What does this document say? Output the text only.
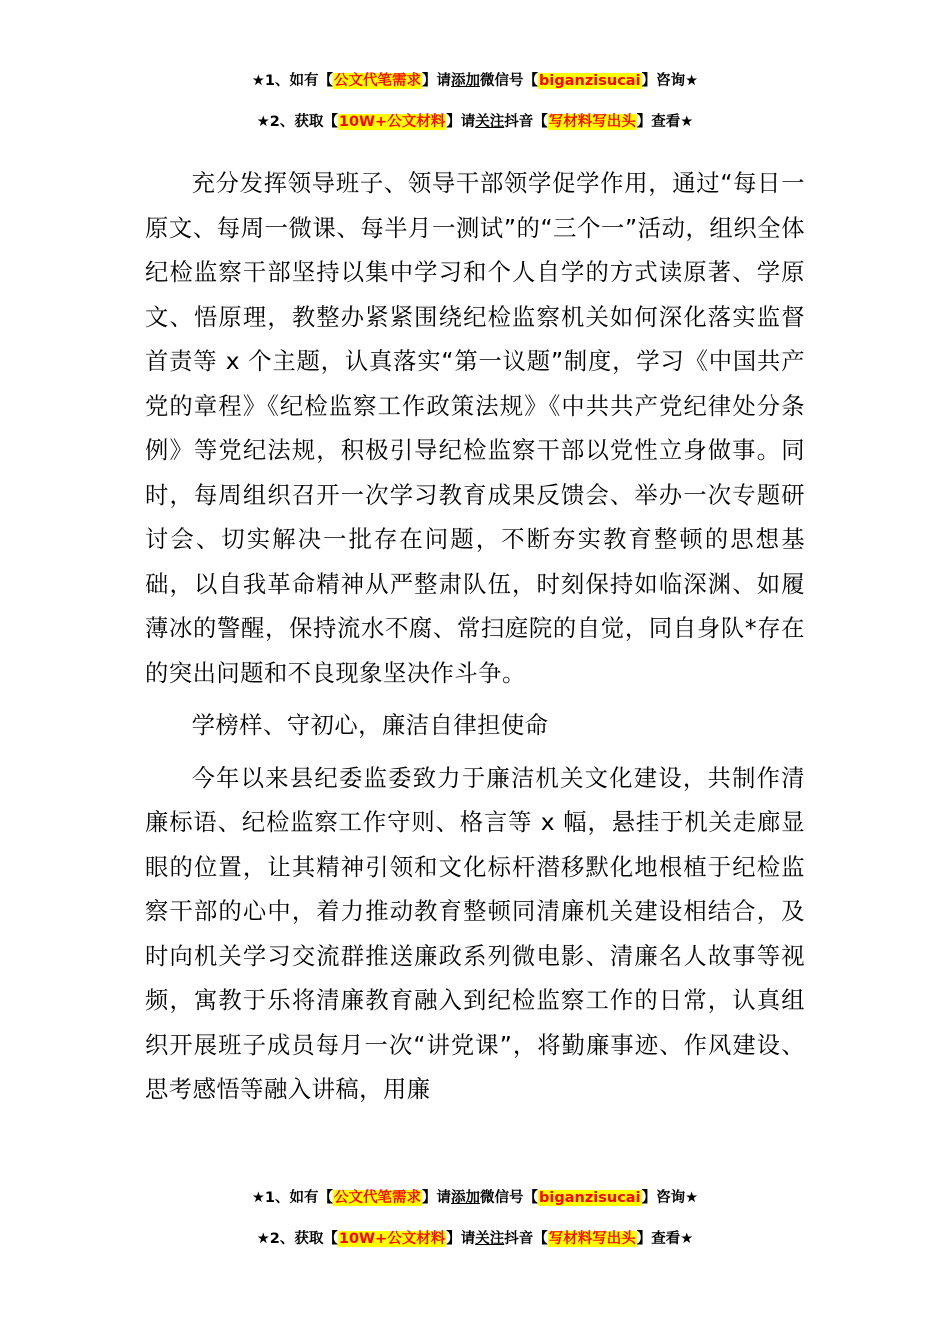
★1、如有【公文代笔需求】请添加微信号【biganzisucai】咨询★
★2、获取【10W+公文材料】请关注抖音【写材料写出头】查看★

充分发挥领导班子、领导干部领学促学作用，通过“每日一原文、每周一微课、每半月一测试”的“三个一”活动，组织全体纪检监察干部坚持以集中学习和个人自学的方式读原著、学原文、悟原理，教整办紧紧围绕纪检监察机关如何深化落实监督首责等 x 个主题，认真落实“第一议题”制度，学习《中国共产党的章程》《纪检监察工作政策法规》《中共共产党纪律处分条例》等党纪法规，积极引导纪检监察干部以党性立身做事。同时，每周组织召开一次学习教育成果反馈会、举办一次专题研讨会、切实解决一批存在问题，不断夯实教育整顿的思想基础，以自我革命精神从严整肃队伍，时刻保持如临深渊、如履薄冰的警醒，保持流水不腐、常扫庭院的自觉，同自身队*存在的突出问题和不良现象坚决作斗争。

学榜样、守初心，廉洁自律担使命

今年以来县纪委监委致力于廉洁机关文化建设，共制作清廉标语、纪检监察工作守则、格言等 x 幅，悬挂于机关走廊显眼的位置，让其精神引领和文化标杆潜移默化地根植于纪检监察干部的心中，着力推动教育整顿同清廉机关建设相结合，及时向机关学习交流群推送廉政系列微电影、清廉名人故事等视频，寓教于乐将清廉教育融入到纪检监察工作的日常，认真组织开展班子成员每月一次“讲党课”，将勤廉事迹、作风建设、思考感悟等融入讲稿，用廉

★1、如有【公文代笔需求】请添加微信号【biganzisucai】咨询★
★2、获取【10W+公文材料】请关注抖音【写材料写出头】查看★
